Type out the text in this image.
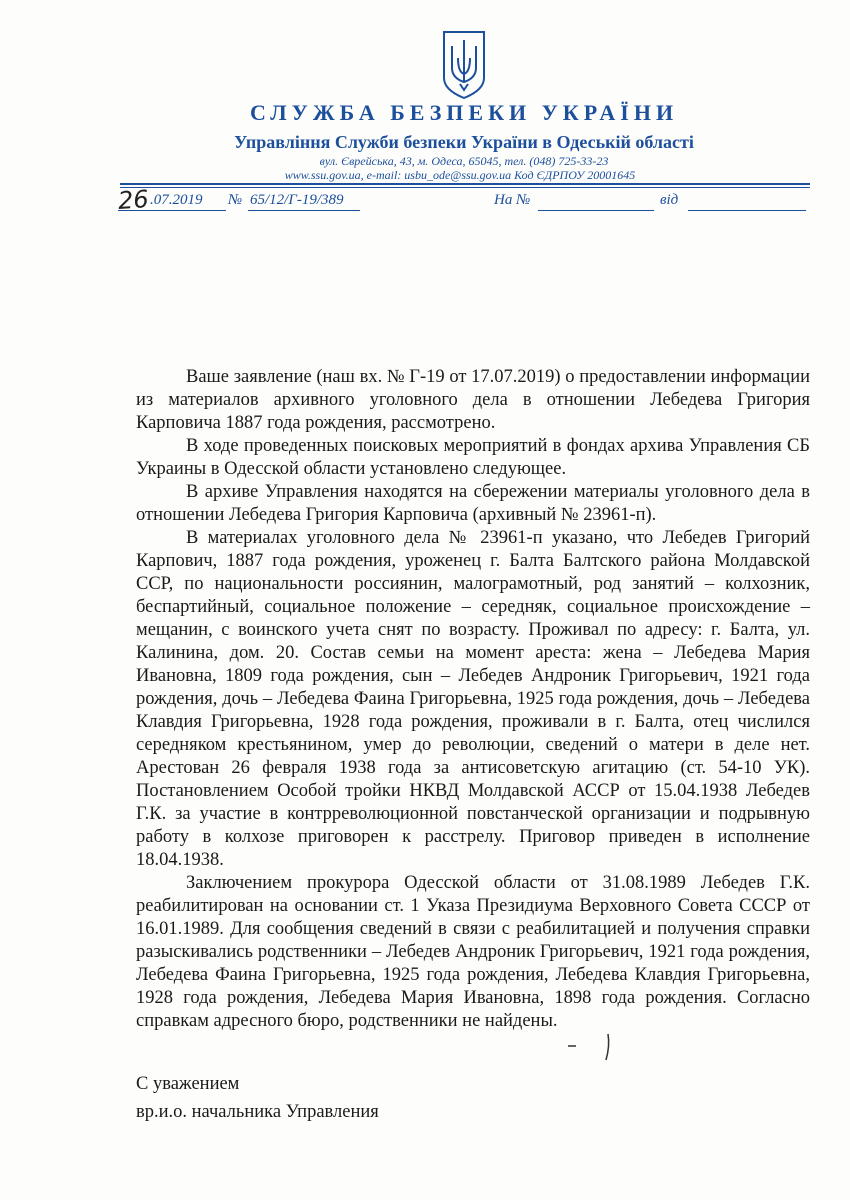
СЛУЖБА БЕЗПЕКИ УКРАЇНИ
Управління Служби безпеки України в Одеській області
вул. Єврейська, 43, м. Одеса, 65045, тел. (048) 725-33-23
www.ssu.gov.ua, e-mail: usbu_ode@ssu.gov.ua Код ЄДРПОУ 20001645
26 .07.2019 № 65/12/Г-19/389	На №	від

Ваше заявление (наш вх. № Г-19 от 17.07.2019) о предоставлении информации из материалов архивного уголовного дела в отношении Лебедева Григория Карповича 1887 года рождения, рассмотрено.

В ходе проведенных поисковых мероприятий в фондах архива Управления СБ Украины в Одесской области установлено следующее.

В архиве Управления находятся на сбережении материалы уголовного дела в отношении Лебедева Григория Карповича (архивный № 23961-п).

В материалах уголовного дела № 23961-п указано, что Лебедев Григорий Карпович, 1887 года рождения, уроженец г. Балта Балтского района Молдавской ССР, по национальности россиянин, малограмотный, род занятий – колхозник, беспартийный, социальное положение – середняк, социальное происхождение – мещанин, с воинского учета снят по возрасту. Проживал по адресу: г. Балта, ул. Калинина, дом. 20. Состав семьи на момент ареста: жена – Лебедева Мария Ивановна, 1809 года рождения, сын – Лебедев Андроник Григорьевич, 1921 года рождения, дочь – Лебедева Фаина Григорьевна, 1925 года рождения, дочь – Лебедева Клавдия Григорьевна, 1928 года рождения, проживали в г. Балта, отец числился середняком крестьянином, умер до революции, сведений о матери в деле нет. Арестован 26 февраля 1938 года за антисоветскую агитацию (ст. 54-10 УК). Постановлением Особой тройки НКВД Молдавской АССР от 15.04.1938 Лебедев Г.К. за участие в контрреволюционной повстанческой организации и подрывную работу в колхозе приговорен к расстрелу. Приговор приведен в исполнение 18.04.1938.

Заключением прокурора Одесской области от 31.08.1989 Лебедев Г.К. реабилитирован на основании ст. 1 Указа Президиума Верховного Совета СССР от 16.01.1989. Для сообщения сведений в связи с реабилитацией и получения справки разыскивались родственники – Лебедев Андроник Григорьевич, 1921 года рождения, Лебедева Фаина Григорьевна, 1925 года рождения, Лебедева Клавдия Григорьевна, 1928 года рождения, Лебедева Мария Ивановна, 1898 года рождения. Согласно справкам адресного бюро, родственники не найдены.

С уважением
вр.и.о. начальника Управления
